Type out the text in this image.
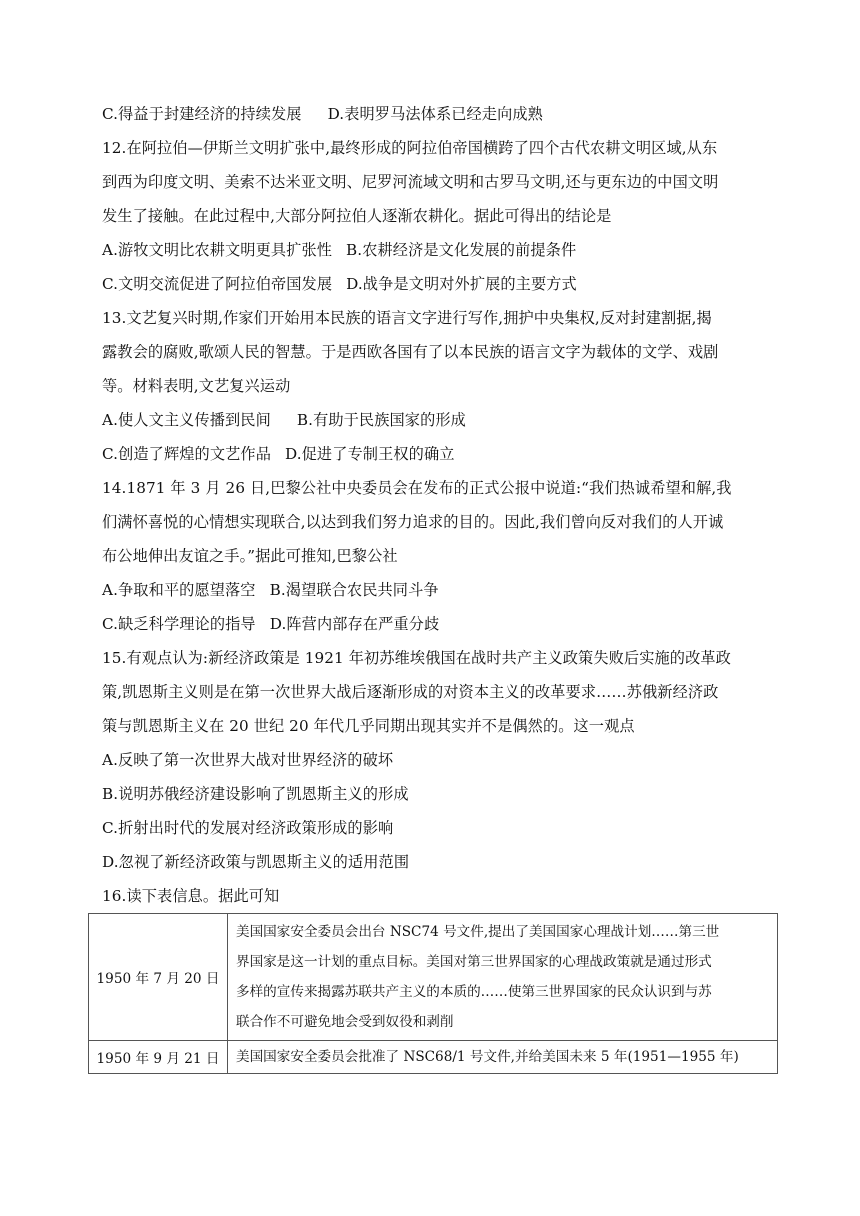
C.得益于封建经济的持续发展 D.表明罗马法体系已经走向成熟
12.在阿拉伯—伊斯兰文明扩张中,最终形成的阿拉伯帝国横跨了四个古代农耕文明区域,从东
到西为印度文明、美索不达米亚文明、尼罗河流域文明和古罗马文明,还与更东边的中国文明
发生了接触。在此过程中,大部分阿拉伯人逐渐农耕化。据此可得出的结论是
A.游牧文明比农耕文明更具扩张性 B.农耕经济是文化发展的前提条件
C.文明交流促进了阿拉伯帝国发展 D.战争是文明对外扩展的主要方式
13.文艺复兴时期,作家们开始用本民族的语言文字进行写作,拥护中央集权,反对封建割据,揭
露教会的腐败,歌颂人民的智慧。于是西欧各国有了以本民族的语言文字为载体的文学、戏剧
等。材料表明,文艺复兴运动
A.使人文主义传播到民间 B.有助于民族国家的形成
C.创造了辉煌的文艺作品 D.促进了专制王权的确立
14.1871 年 3 月 26 日,巴黎公社中央委员会在发布的正式公报中说道:“我们热诚希望和解,我
们满怀喜悦的心情想实现联合,以达到我们努力追求的目的。因此,我们曾向反对我们的人开诚
布公地伸出友谊之手。”据此可推知,巴黎公社
A.争取和平的愿望落空 B.渴望联合农民共同斗争
C.缺乏科学理论的指导 D.阵营内部存在严重分歧
15.有观点认为:新经济政策是 1921 年初苏维埃俄国在战时共产主义政策失败后实施的改革政
策,凯恩斯主义则是在第一次世界大战后逐渐形成的对资本主义的改革要求……苏俄新经济政
策与凯恩斯主义在 20 世纪 20 年代几乎同期出现其实并不是偶然的。这一观点
A.反映了第一次世界大战对世界经济的破坏
B.说明苏俄经济建设影响了凯恩斯主义的形成
C.折射出时代的发展对经济政策形成的影响
D.忽视了新经济政策与凯恩斯主义的适用范围
16.读下表信息。据此可知
1950 年 7 月 20 日	美国国家安全委员会出台 NSC74 号文件,提出了美国国家心理战计划……第三世
界国家是这一计划的重点目标。美国对第三世界国家的心理战政策就是通过形式
多样的宣传来揭露苏联共产主义的本质的……使第三世界国家的民众认识到与苏
联合作不可避免地会受到奴役和剥削

1950 年 9 月 21 日	美国国家安全委员会批准了 NSC68/1 号文件,并给美国未来 5 年(1951—1955 年)
